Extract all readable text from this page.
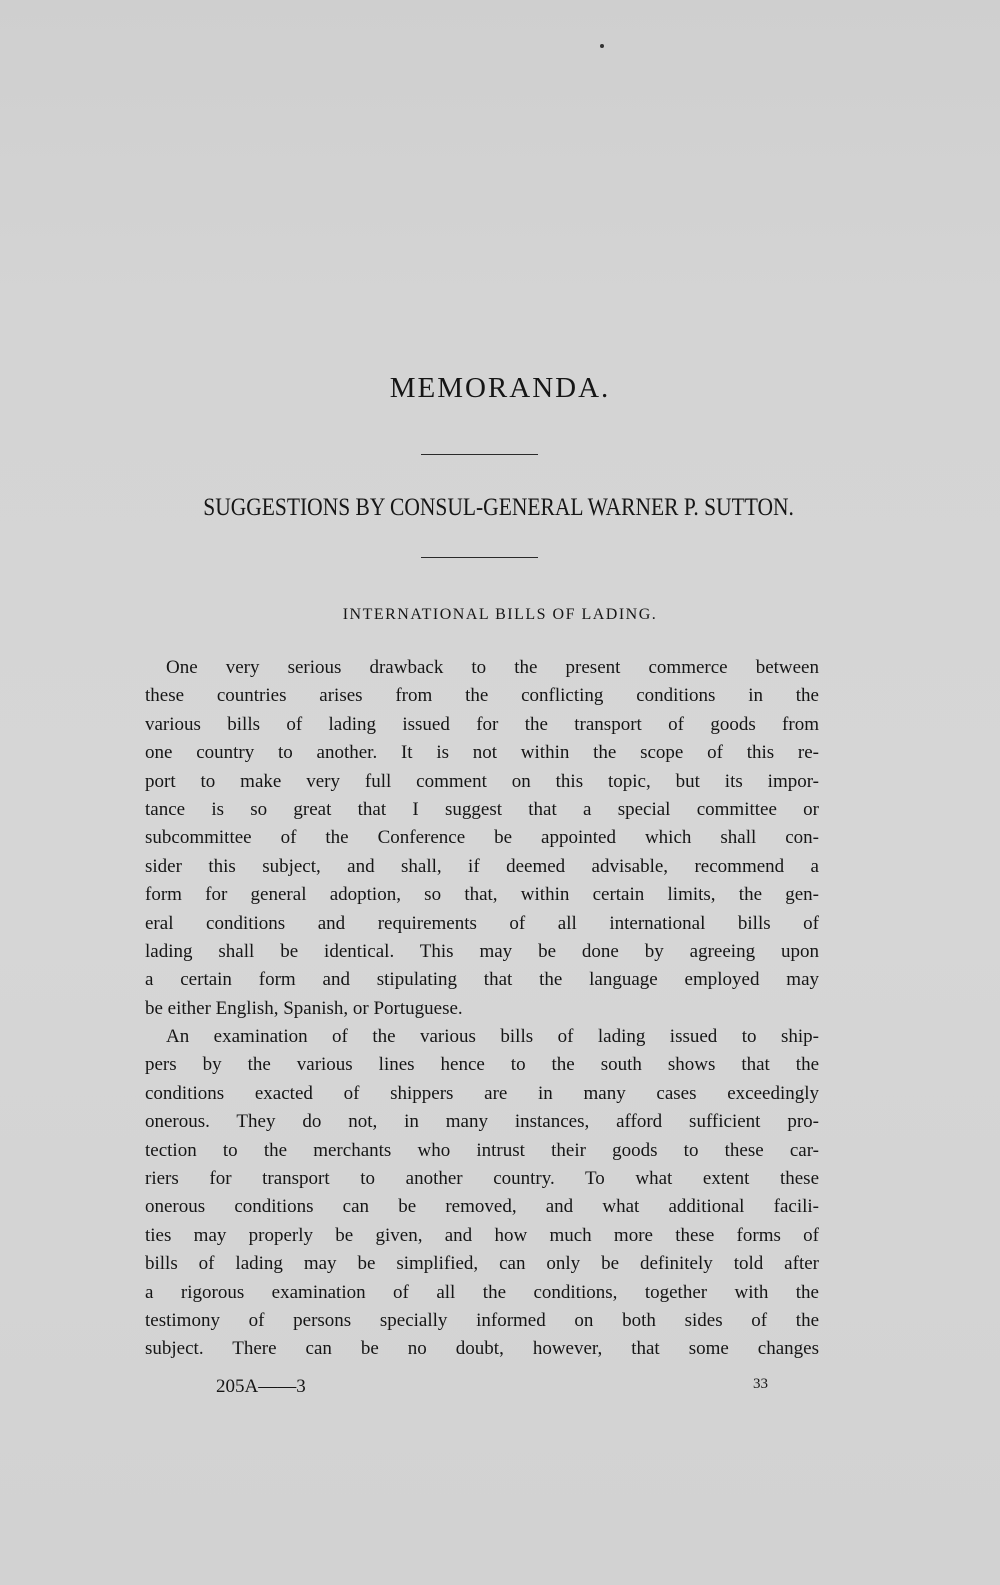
MEMORANDA.
SUGGESTIONS BY CONSUL-GENERAL WARNER P. SUTTON.
INTERNATIONAL BILLS OF LADING.
One very serious drawback to the present commerce between
these countries arises from the conflicting conditions in the
various bills of lading issued for the transport of goods from
one country to another. It is not within the scope of this re-
port to make very full comment on this topic, but its impor-
tance is so great that I suggest that a special committee or
subcommittee of the Conference be appointed which shall con-
sider this subject, and shall, if deemed advisable, recommend a
form for general adoption, so that, within certain limits, the gen-
eral conditions and requirements of all international bills of
lading shall be identical. This may be done by agreeing upon
a certain form and stipulating that the language employed may
be either English, Spanish, or Portuguese.
An examination of the various bills of lading issued to ship-
pers by the various lines hence to the south shows that the
conditions exacted of shippers are in many cases exceedingly
onerous. They do not, in many instances, afford sufficient pro-
tection to the merchants who intrust their goods to these car-
riers for transport to another country. To what extent these
onerous conditions can be removed, and what additional facili-
ties may properly be given, and how much more these forms of
bills of lading may be simplified, can only be definitely told after
a rigorous examination of all the conditions, together with the
testimony of persons specially informed on both sides of the
subject. There can be no doubt, however, that some changes
205A——3	33
